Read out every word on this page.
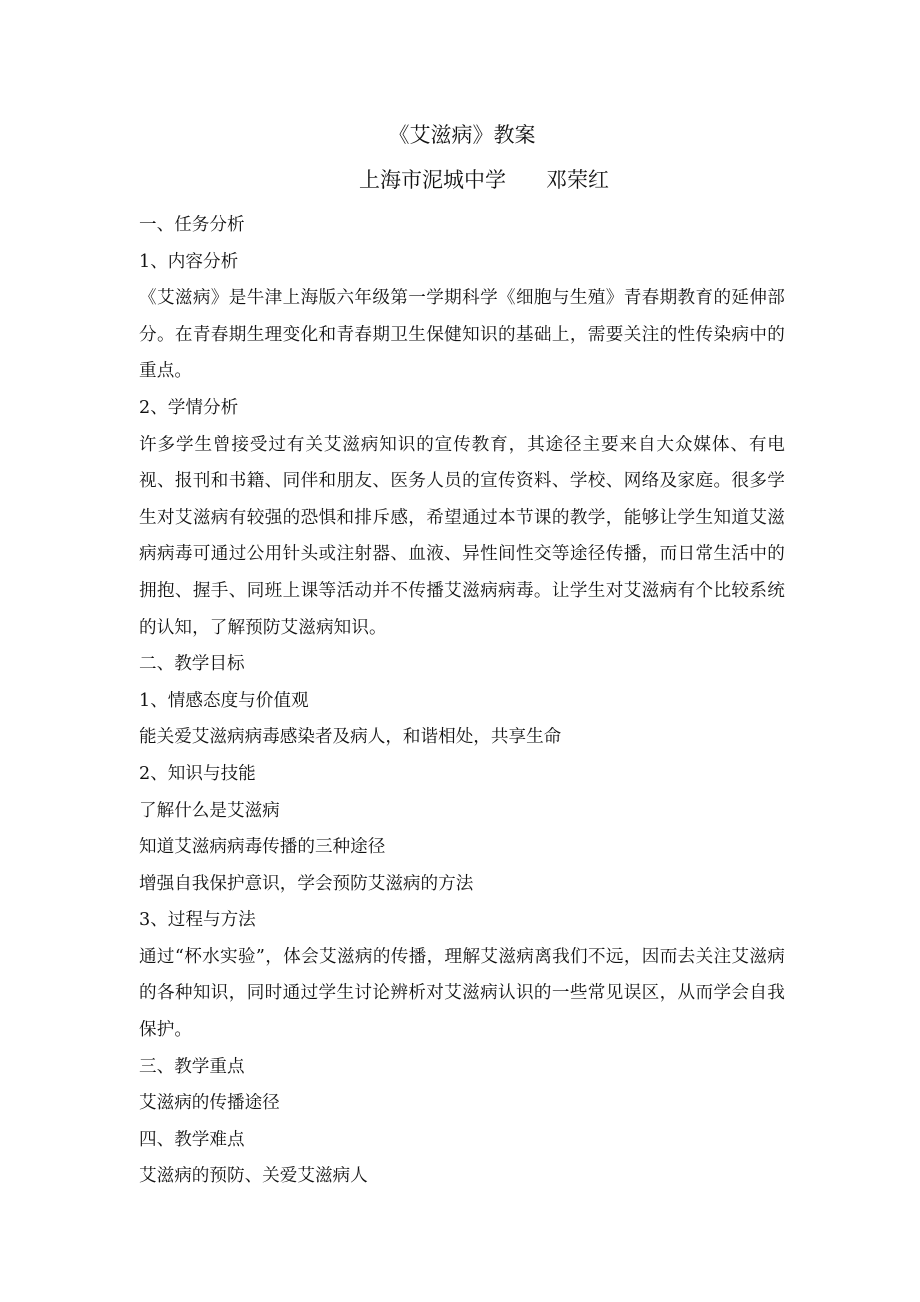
《艾滋病》教案
上海市泥城中学      邓荣红
一、任务分析
1、内容分析
《艾滋病》是牛津上海版六年级第一学期科学《细胞与生殖》青春期教育的延伸部分。在青春期生理变化和青春期卫生保健知识的基础上，需要关注的性传染病中的重点。
2、学情分析
许多学生曾接受过有关艾滋病知识的宣传教育，其途径主要来自大众媒体、有电视、报刊和书籍、同伴和朋友、医务人员的宣传资料、学校、网络及家庭。很多学生对艾滋病有较强的恐惧和排斥感，希望通过本节课的教学，能够让学生知道艾滋病病毒可通过公用针头或注射器、血液、异性间性交等途径传播，而日常生活中的拥抱、握手、同班上课等活动并不传播艾滋病病毒。让学生对艾滋病有个比较系统的认知，了解预防艾滋病知识。
二、教学目标
1、情感态度与价值观
能关爱艾滋病病毒感染者及病人，和谐相处，共享生命
2、知识与技能
了解什么是艾滋病
知道艾滋病病毒传播的三种途径
增强自我保护意识，学会预防艾滋病的方法
3、过程与方法
通过“杯水实验”，体会艾滋病的传播，理解艾滋病离我们不远，因而去关注艾滋病的各种知识，同时通过学生讨论辨析对艾滋病认识的一些常见误区，从而学会自我保护。
三、教学重点
艾滋病的传播途径
四、教学难点
艾滋病的预防、关爱艾滋病人
